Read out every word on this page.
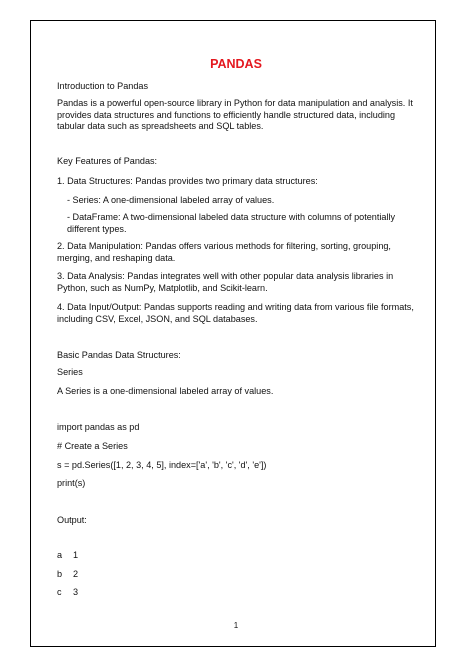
PANDAS
Introduction to Pandas
Pandas is a powerful open-source library in Python for data manipulation and analysis. It provides data structures and functions to efficiently handle structured data, including tabular data such as spreadsheets and SQL tables.
Key Features of Pandas:
1. Data Structures: Pandas provides two primary data structures:
- Series: A one-dimensional labeled array of values.
- DataFrame: A two-dimensional labeled data structure with columns of potentially different types.
2. Data Manipulation: Pandas offers various methods for filtering, sorting, grouping, merging, and reshaping data.
3. Data Analysis: Pandas integrates well with other popular data analysis libraries in Python, such as NumPy, Matplotlib, and Scikit-learn.
4. Data Input/Output: Pandas supports reading and writing data from various file formats, including CSV, Excel, JSON, and SQL databases.
Basic Pandas Data Structures:
Series
A Series is a one-dimensional labeled array of values.
import pandas as pd
# Create a Series
s = pd.Series([1, 2, 3, 4, 5], index=['a', 'b', 'c', 'd', 'e'])
print(s)
Output:
a 1
b 2
c 3
1
